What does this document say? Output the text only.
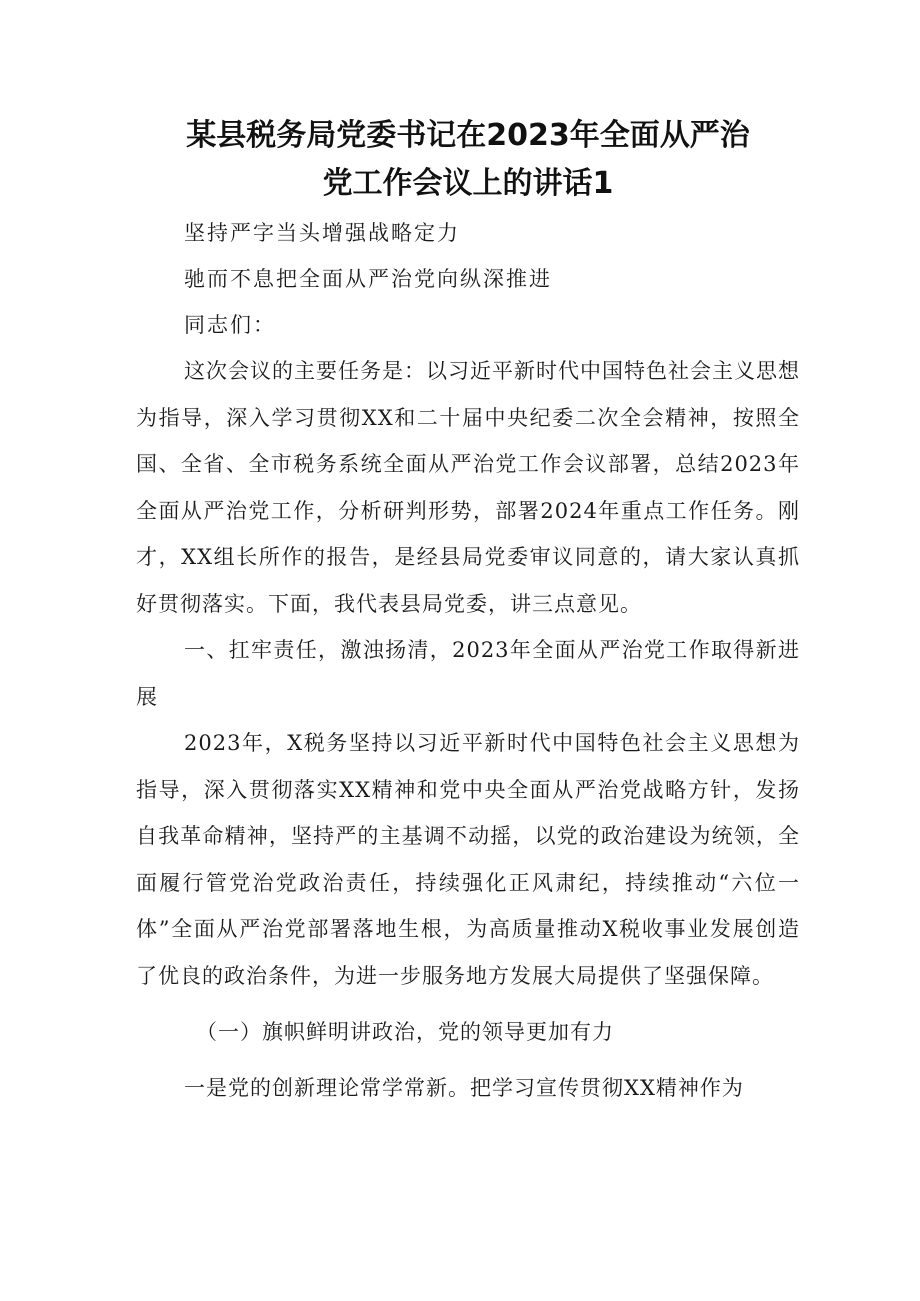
某县税务局党委书记在2023年全面从严治
党工作会议上的讲话1

坚持严字当头增强战略定力

驰而不息把全面从严治党向纵深推进

同志们：

这次会议的主要任务是：以习近平新时代中国特色社会主义思想为指导，深入学习贯彻XX和二十届中央纪委二次全会精神，按照全国、全省、全市税务系统全面从严治党工作会议部署，总结2023年全面从严治党工作，分析研判形势，部署2024年重点工作任务。刚才，XX组长所作的报告，是经县局党委审议同意的，请大家认真抓好贯彻落实。下面，我代表县局党委，讲三点意见。

一、扛牢责任，激浊扬清，2023年全面从严治党工作取得新进展

2023年，X税务坚持以习近平新时代中国特色社会主义思想为指导，深入贯彻落实XX精神和党中央全面从严治党战略方针，发扬自我革命精神，坚持严的主基调不动摇，以党的政治建设为统领，全面履行管党治党政治责任，持续强化正风肃纪，持续推动“六位一体”全面从严治党部署落地生根，为高质量推动X税收事业发展创造了优良的政治条件，为进一步服务地方发展大局提供了坚强保障。

（一）旗帜鲜明讲政治，党的领导更加有力

一是党的创新理论常学常新。把学习宣传贯彻XX精神作为
